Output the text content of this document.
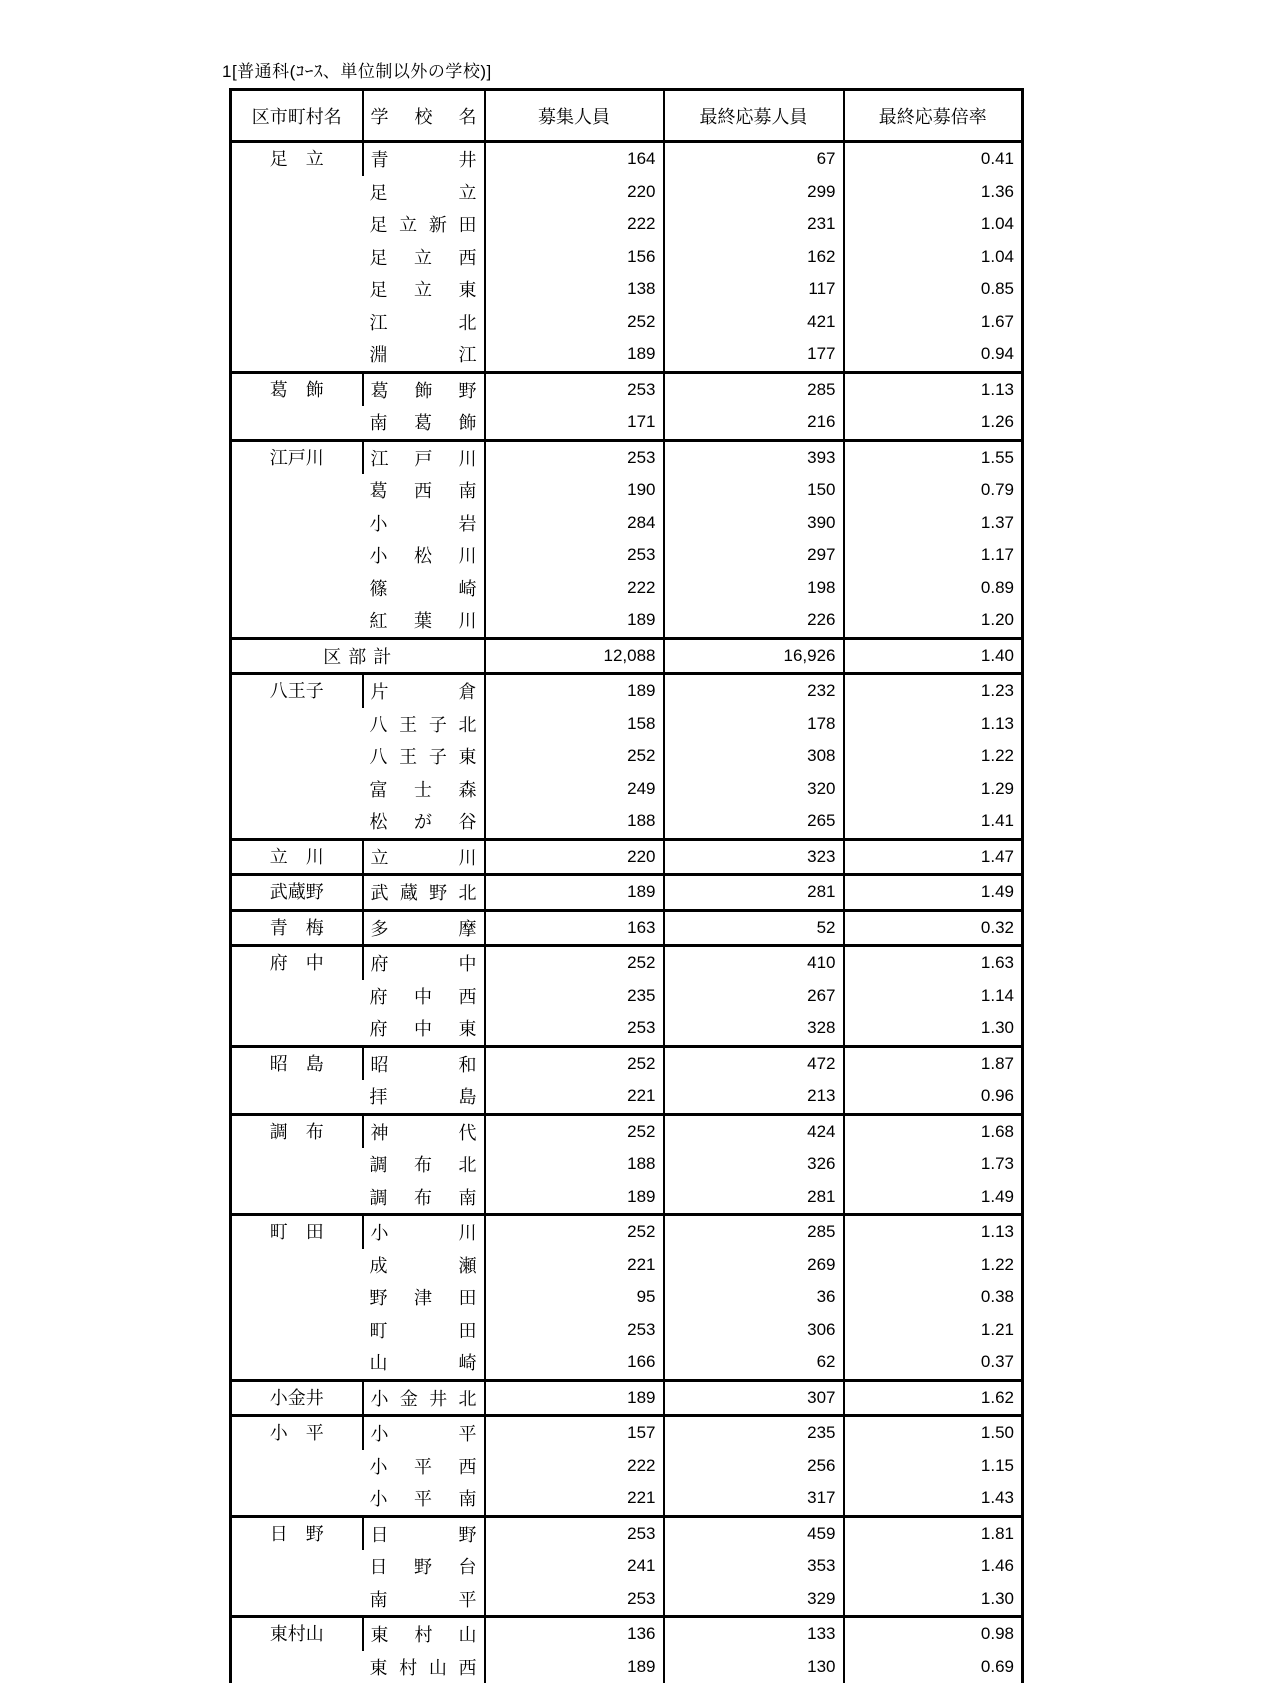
1[普通科(ｺｰｽ、単位制以外の学校)]
区市町村名	学 校 名	募集人員	最終応募人員	最終応募倍率
足　立	青 井	164	67	0.41
	足 立	220	299	1.36
	足 立 新 田	222	231	1.04
	足 立 西	156	162	1.04
	足 立 東	138	117	0.85
	江 北	252	421	1.67
	淵 江	189	177	0.94
葛　飾	葛 飾 野	253	285	1.13
	南 葛 飾	171	216	1.26
江戸川	江 戸 川	253	393	1.55
	葛 西 南	190	150	0.79
	小 岩	284	390	1.37
	小 松 川	253	297	1.17
	篠 崎	222	198	0.89
	紅 葉 川	189	226	1.20
区 部 計		12,088	16,926	1.40
八王子	片 倉	189	232	1.23
	八 王 子 北	158	178	1.13
	八 王 子 東	252	308	1.22
	富 士 森	249	320	1.29
	松 が 谷	188	265	1.41
立　川	立 川	220	323	1.47
武蔵野	武 蔵 野 北	189	281	1.49
青　梅	多 摩	163	52	0.32
府　中	府 中	252	410	1.63
	府 中 西	235	267	1.14
	府 中 東	253	328	1.30
昭　島	昭 和	252	472	1.87
	拝 島	221	213	0.96
調　布	神 代	252	424	1.68
	調 布 北	188	326	1.73
	調 布 南	189	281	1.49
町　田	小 川	252	285	1.13
	成 瀬	221	269	1.22
	野 津 田	95	36	0.38
	町 田	253	306	1.21
	山 崎	166	62	0.37
小金井	小 金 井 北	189	307	1.62
小　平	小 平	157	235	1.50
	小 平 西	222	256	1.15
	小 平 南	221	317	1.43
日　野	日 野	253	459	1.81
	日 野 台	241	353	1.46
	南 平	253	329	1.30
東村山	東 村 山	136	133	0.98
	東 村 山 西	189	130	0.69
